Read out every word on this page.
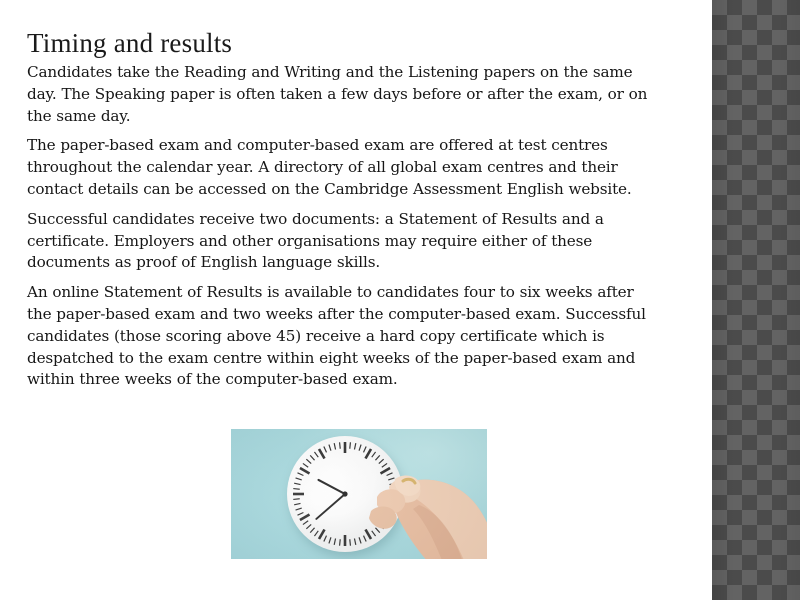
Timing and results

Candidates take the Reading and Writing and the Listening papers on the same day. The Speaking paper is often taken a few days before or after the exam, or on the same day.

The paper-based exam and computer-based exam are offered at test centres throughout the calendar year. A directory of all global exam centres and their contact details can be accessed on the Cambridge Assessment English website.

Successful candidates receive two documents: a Statement of Results and a certificate. Employers and other organisations may require either of these documents as proof of English language skills.

An online Statement of Results is available to candidates four to six weeks after the paper-based exam and two weeks after the computer-based exam. Successful candidates (those scoring above 45) receive a hard copy certificate which is despatched to the exam centre within eight weeks of the paper-based exam and within three weeks of the computer-based exam.
